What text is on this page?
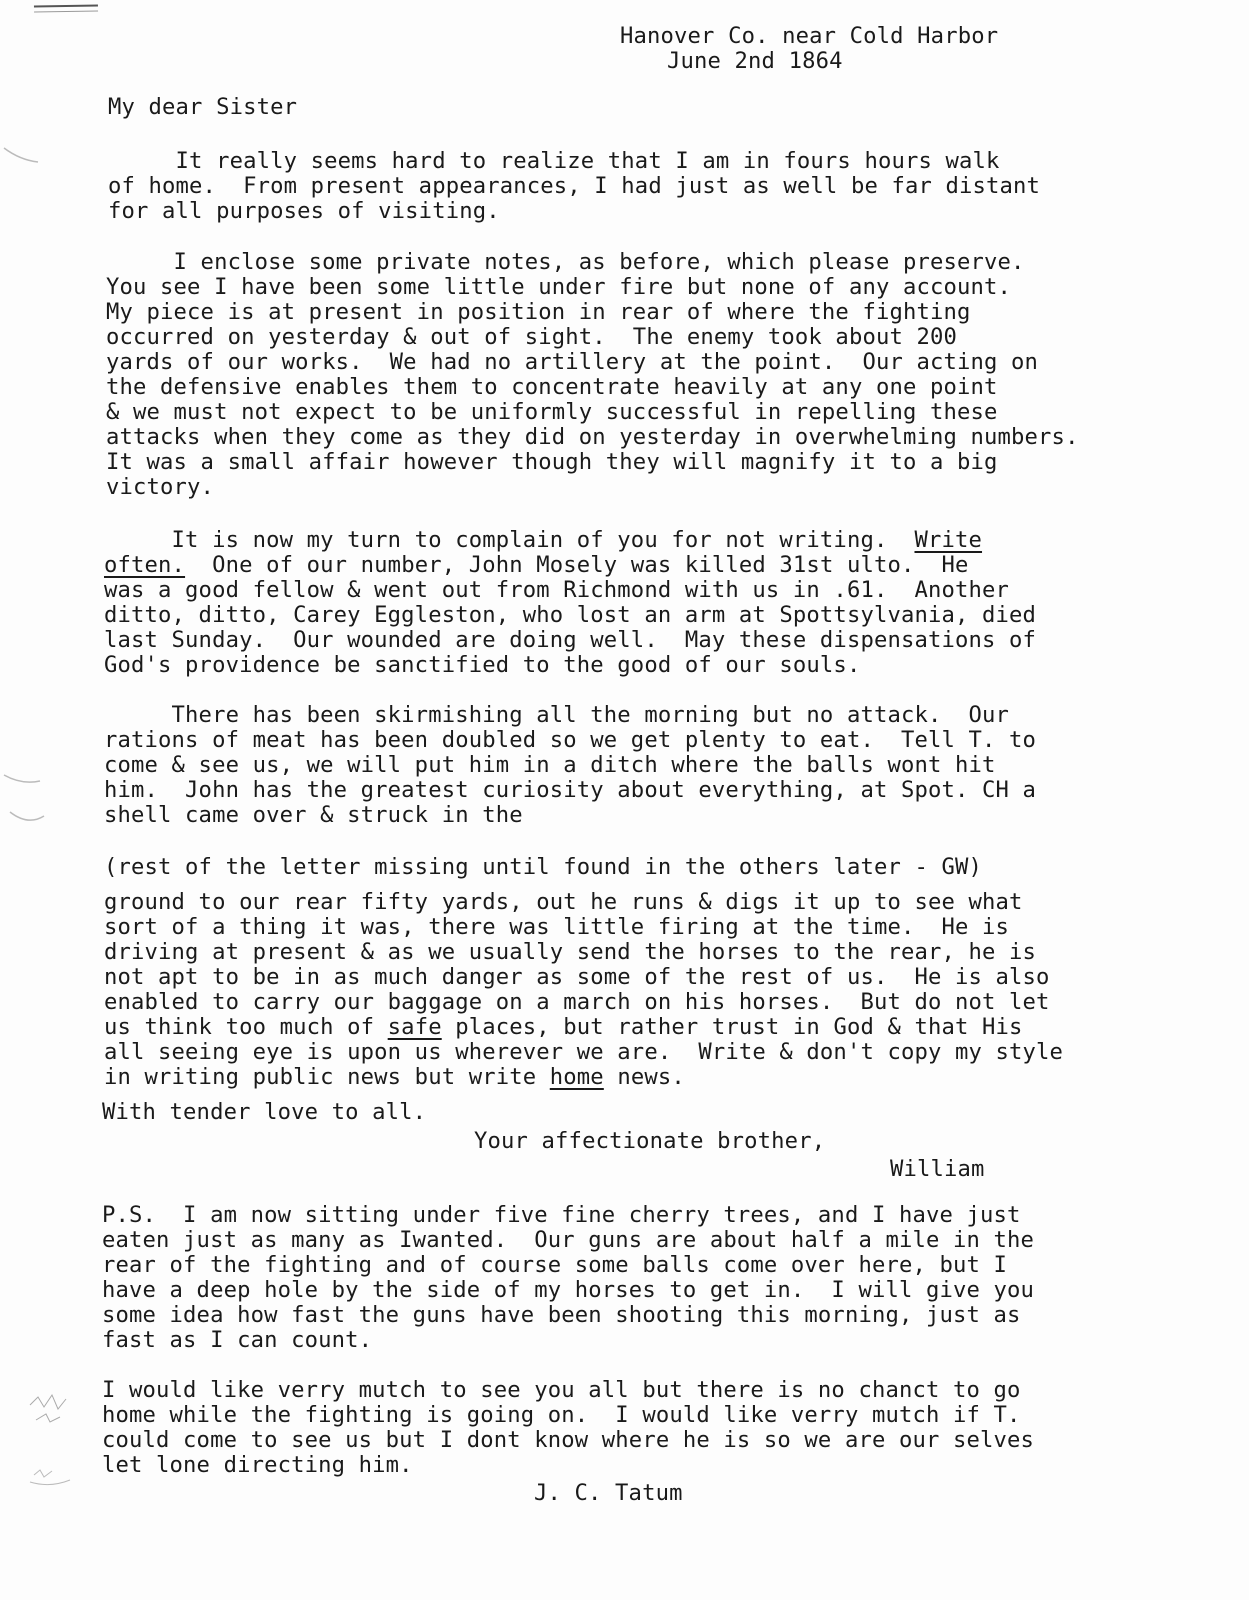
Hanover Co. near Cold Harbor
June 2nd 1864
My dear Sister
It really seems hard to realize that I am in fours hours walk
of home.  From present appearances, I had just as well be far distant
for all purposes of visiting.
I enclose some private notes, as before, which please preserve.
You see I have been some little under fire but none of any account.
My piece is at present in position in rear of where the fighting
occurred on yesterday & out of sight.  The enemy took about 200
yards of our works.  We had no artillery at the point.  Our acting on
the defensive enables them to concentrate heavily at any one point
& we must not expect to be uniformly successful in repelling these
attacks when they come as they did on yesterday in overwhelming numbers.
It was a small affair however though they will magnify it to a big
victory.
It is now my turn to complain of you for not writing.  Write
often.  One of our number, John Mosely was killed 31st ulto.  He
was a good fellow & went out from Richmond with us in .61.  Another
ditto, ditto, Carey Eggleston, who lost an arm at Spottsylvania, died
last Sunday.  Our wounded are doing well.  May these dispensations of
God's providence be sanctified to the good of our souls.
There has been skirmishing all the morning but no attack.  Our
rations of meat has been doubled so we get plenty to eat.  Tell T. to
come & see us, we will put him in a ditch where the balls wont hit
him.  John has the greatest curiosity about everything, at Spot. CH a
shell came over & struck in the
(rest of the letter missing until found in the others later - GW)
ground to our rear fifty yards, out he runs & digs it up to see what
sort of a thing it was, there was little firing at the time.  He is
driving at present & as we usually send the horses to the rear, he is
not apt to be in as much danger as some of the rest of us.  He is also
enabled to carry our baggage on a march on his horses.  But do not let
us think too much of safe places, but rather trust in God & that His
all seeing eye is upon us wherever we are.  Write & don't copy my style
in writing public news but write home news.
With tender love to all.
Your affectionate brother,
William
P.S.  I am now sitting under five fine cherry trees, and I have just
eaten just as many as Iwanted.  Our guns are about half a mile in the
rear of the fighting and of course some balls come over here, but I
have a deep hole by the side of my horses to get in.  I will give you
some idea how fast the guns have been shooting this morning, just as
fast as I can count.
I would like verry mutch to see you all but there is no chanct to go
home while the fighting is going on.  I would like verry mutch if T.
could come to see us but I dont know where he is so we are our selves
let lone directing him.
J. C. Tatum
